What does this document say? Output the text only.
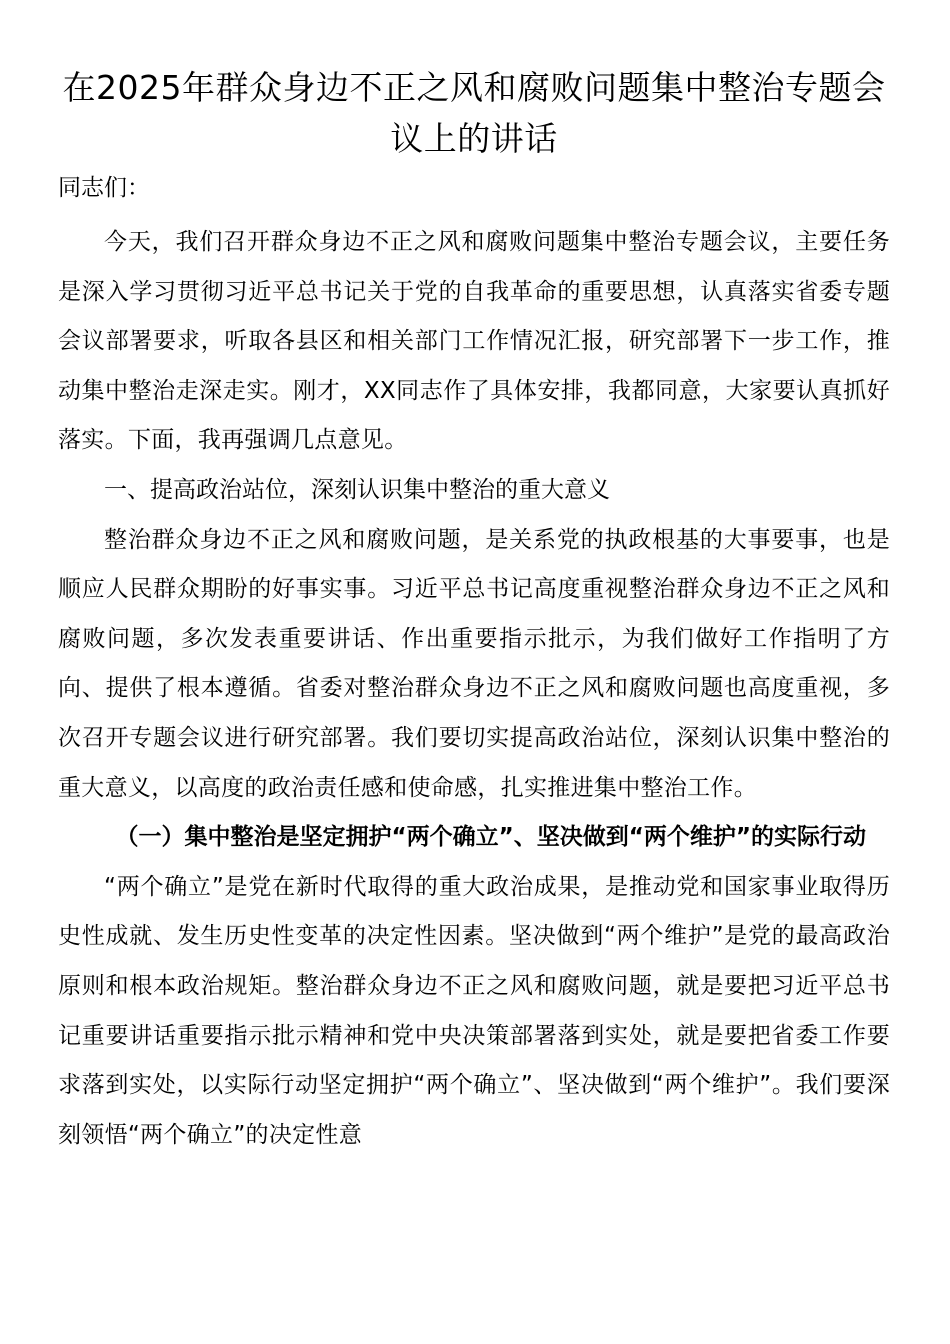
在2025年群众身边不正之风和腐败问题集中整治专题会议上的讲话

同志们：

今天，我们召开群众身边不正之风和腐败问题集中整治专题会议，主要任务是深入学习贯彻习近平总书记关于党的自我革命的重要思想，认真落实省委专题会议部署要求，听取各县区和相关部门工作情况汇报，研究部署下一步工作，推动集中整治走深走实。刚才，XX同志作了具体安排，我都同意，大家要认真抓好落实。下面，我再强调几点意见。

一、提高政治站位，深刻认识集中整治的重大意义

整治群众身边不正之风和腐败问题，是关系党的执政根基的大事要事，也是顺应人民群众期盼的好事实事。习近平总书记高度重视整治群众身边不正之风和腐败问题，多次发表重要讲话、作出重要指示批示，为我们做好工作指明了方向、提供了根本遵循。省委对整治群众身边不正之风和腐败问题也高度重视，多次召开专题会议进行研究部署。我们要切实提高政治站位，深刻认识集中整治的重大意义，以高度的政治责任感和使命感，扎实推进集中整治工作。

（一）集中整治是坚定拥护“两个确立”、坚决做到“两个维护”的实际行动

“两个确立”是党在新时代取得的重大政治成果，是推动党和国家事业取得历史性成就、发生历史性变革的决定性因素。坚决做到“两个维护”是党的最高政治原则和根本政治规矩。整治群众身边不正之风和腐败问题，就是要把习近平总书记重要讲话重要指示批示精神和党中央决策部署落到实处，就是要把省委工作要求落到实处，以实际行动坚定拥护“两个确立”、坚决做到“两个维护”。我们要深刻领悟“两个确立”的决定性意
